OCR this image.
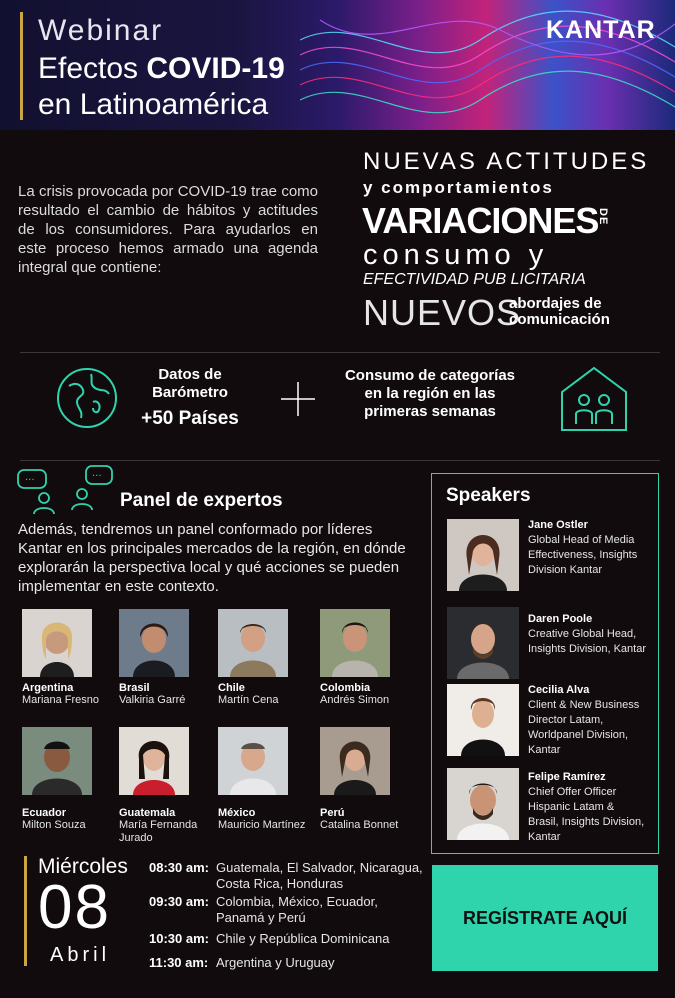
Webinar
Efectos COVID-19
en Latinoamérica
KANTAR
La crisis provocada por COVID-19 trae como resultado el cambio de hábitos y actitudes de los consumidores. Para ayudarlos en este proceso hemos armado una agenda integral que contiene:
NUEVAS ACTITUDES
y comportamientos
VARIACIONES
DE
consumo y
EFECTIVIDAD PUB LICITARIA
NUEVOS
abordajes de
comunicación
Datos de
Barómetro
+50 Países
Consumo de categorías
en la región en las
primeras semanas
···	···
Panel de expertos
Además, tendremos un panel conformado por líderes Kantar en los principales mercados de la región, en dónde explorarán la perspectiva local y qué acciones se pueden implementar en este contexto.
Argentina
Mariana Fresno
Brasil
Valkiria Garré
Chile
Martín Cena
Colombia
Andrés Simon
Ecuador
Milton Souza
Guatemala
María Fernanda Jurado
México
Mauricio Martínez
Perú
Catalina Bonnet
Speakers
Jane Ostler
Global Head of Media Effectiveness, Insights Division Kantar
Daren Poole
Creative Global Head, Insights Division, Kantar
Cecilia Alva
Client & New Business Director Latam, Worldpanel Division, Kantar
Felipe Ramírez
Chief Offer Officer Hispanic Latam & Brasil, Insights Division, Kantar
Miércoles
08
Abril
08:30 am: Guatemala, El Salvador, Nicaragua, Costa Rica, Honduras
09:30 am: Colombia, México, Ecuador, Panamá y Perú
10:30 am: Chile y República Dominicana
11:30 am: Argentina y Uruguay
REGÍSTRATE AQUÍ
